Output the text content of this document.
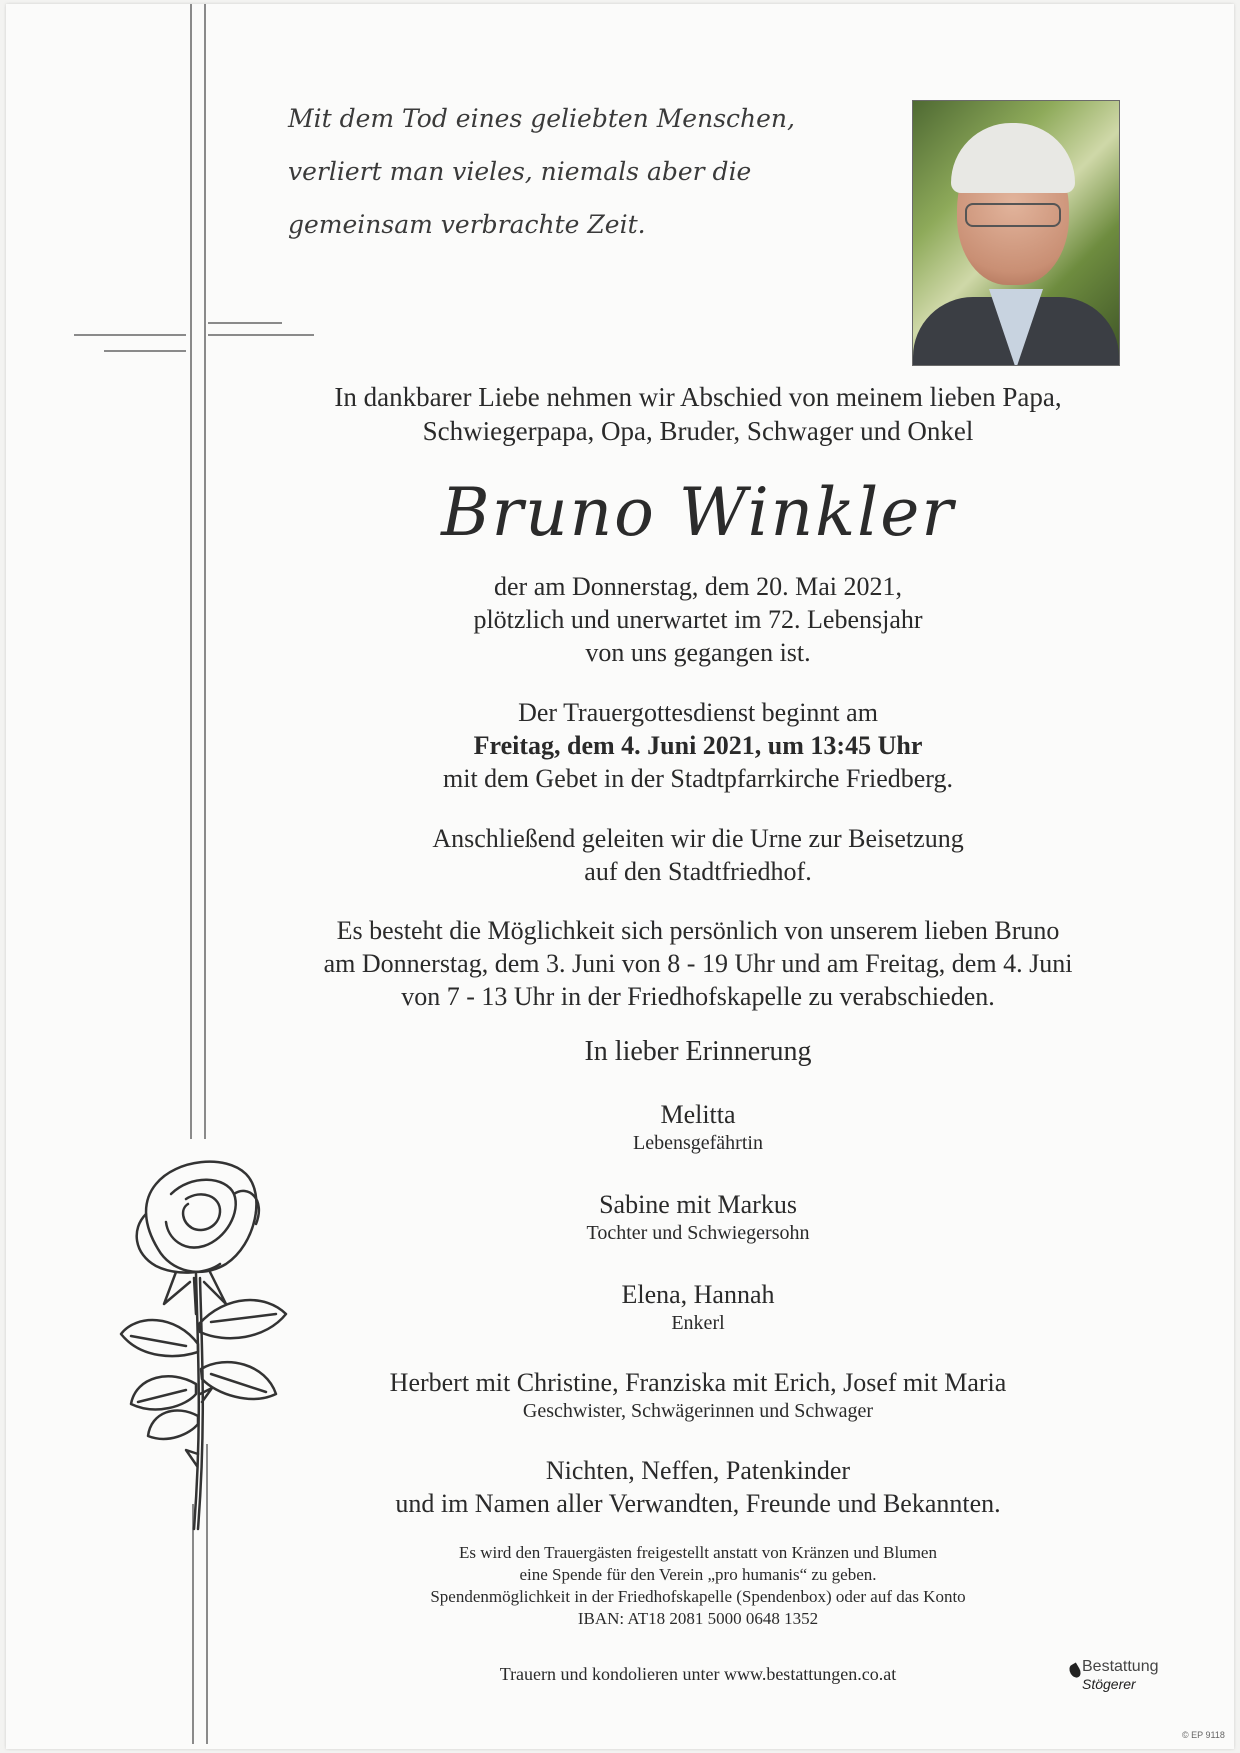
Mit dem Tod eines geliebten Menschen,
verliert man vieles, niemals aber die
gemeinsam verbrachte Zeit.
In dankbarer Liebe nehmen wir Abschied von meinem lieben Papa,
Schwiegerpapa, Opa, Bruder, Schwager und Onkel
Bruno Winkler
der am Donnerstag, dem 20. Mai 2021,
plötzlich und unerwartet im 72. Lebensjahr
von uns gegangen ist.
Der Trauergottesdienst beginnt am
Freitag, dem 4. Juni 2021, um 13:45 Uhr
mit dem Gebet in der Stadtpfarrkirche Friedberg.
Anschließend geleiten wir die Urne zur Beisetzung
auf den Stadtfriedhof.
Es besteht die Möglichkeit sich persönlich von unserem lieben Bruno
am Donnerstag, dem 3. Juni von 8 - 19 Uhr und am Freitag, dem 4. Juni
von 7 - 13 Uhr in der Friedhofskapelle zu verabschieden.
In lieber Erinnerung
Melitta
Lebensgefährtin
Sabine mit Markus
Tochter und Schwiegersohn
Elena, Hannah
Enkerl
Herbert mit Christine, Franziska mit Erich, Josef mit Maria
Geschwister, Schwägerinnen und Schwager
Nichten, Neffen, Patenkinder
und im Namen aller Verwandten, Freunde und Bekannten.
Es wird den Trauergästen freigestellt anstatt von Kränzen und Blumen
eine Spende für den Verein „pro humanis“ zu geben.
Spendenmöglichkeit in der Friedhofskapelle (Spendenbox) oder auf das Konto
IBAN: AT18 2081 5000 0648 1352
Trauern und kondolieren unter www.bestattungen.co.at	Bestattung
Stögerer
© EP 9118
